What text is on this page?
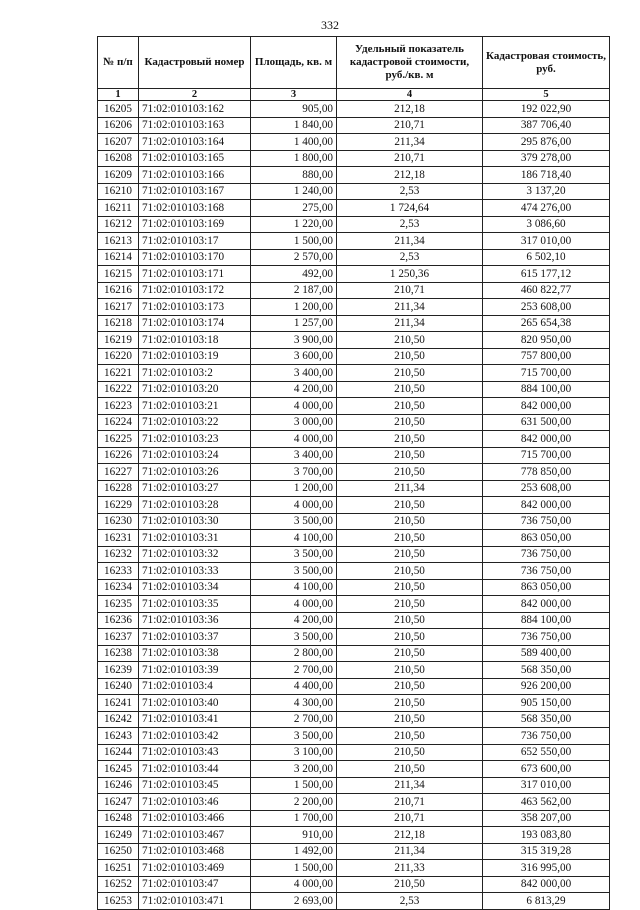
332
№ п/п	Кадастровый номер	Площадь, кв. м	Удельный показатель кадастровой стоимости, руб./кв. м	Кадастровая стоимость, руб.
1	2	3	4	5
16205	71:02:010103:162	905,00	212,18	192 022,90
16206	71:02:010103:163	1 840,00	210,71	387 706,40
16207	71:02:010103:164	1 400,00	211,34	295 876,00
16208	71:02:010103:165	1 800,00	210,71	379 278,00
16209	71:02:010103:166	880,00	212,18	186 718,40
16210	71:02:010103:167	1 240,00	2,53	3 137,20
16211	71:02:010103:168	275,00	1 724,64	474 276,00
16212	71:02:010103:169	1 220,00	2,53	3 086,60
16213	71:02:010103:17	1 500,00	211,34	317 010,00
16214	71:02:010103:170	2 570,00	2,53	6 502,10
16215	71:02:010103:171	492,00	1 250,36	615 177,12
16216	71:02:010103:172	2 187,00	210,71	460 822,77
16217	71:02:010103:173	1 200,00	211,34	253 608,00
16218	71:02:010103:174	1 257,00	211,34	265 654,38
16219	71:02:010103:18	3 900,00	210,50	820 950,00
16220	71:02:010103:19	3 600,00	210,50	757 800,00
16221	71:02:010103:2	3 400,00	210,50	715 700,00
16222	71:02:010103:20	4 200,00	210,50	884 100,00
16223	71:02:010103:21	4 000,00	210,50	842 000,00
16224	71:02:010103:22	3 000,00	210,50	631 500,00
16225	71:02:010103:23	4 000,00	210,50	842 000,00
16226	71:02:010103:24	3 400,00	210,50	715 700,00
16227	71:02:010103:26	3 700,00	210,50	778 850,00
16228	71:02:010103:27	1 200,00	211,34	253 608,00
16229	71:02:010103:28	4 000,00	210,50	842 000,00
16230	71:02:010103:30	3 500,00	210,50	736 750,00
16231	71:02:010103:31	4 100,00	210,50	863 050,00
16232	71:02:010103:32	3 500,00	210,50	736 750,00
16233	71:02:010103:33	3 500,00	210,50	736 750,00
16234	71:02:010103:34	4 100,00	210,50	863 050,00
16235	71:02:010103:35	4 000,00	210,50	842 000,00
16236	71:02:010103:36	4 200,00	210,50	884 100,00
16237	71:02:010103:37	3 500,00	210,50	736 750,00
16238	71:02:010103:38	2 800,00	210,50	589 400,00
16239	71:02:010103:39	2 700,00	210,50	568 350,00
16240	71:02:010103:4	4 400,00	210,50	926 200,00
16241	71:02:010103:40	4 300,00	210,50	905 150,00
16242	71:02:010103:41	2 700,00	210,50	568 350,00
16243	71:02:010103:42	3 500,00	210,50	736 750,00
16244	71:02:010103:43	3 100,00	210,50	652 550,00
16245	71:02:010103:44	3 200,00	210,50	673 600,00
16246	71:02:010103:45	1 500,00	211,34	317 010,00
16247	71:02:010103:46	2 200,00	210,71	463 562,00
16248	71:02:010103:466	1 700,00	210,71	358 207,00
16249	71:02:010103:467	910,00	212,18	193 083,80
16250	71:02:010103:468	1 492,00	211,34	315 319,28
16251	71:02:010103:469	1 500,00	211,33	316 995,00
16252	71:02:010103:47	4 000,00	210,50	842 000,00
16253	71:02:010103:471	2 693,00	2,53	6 813,29
